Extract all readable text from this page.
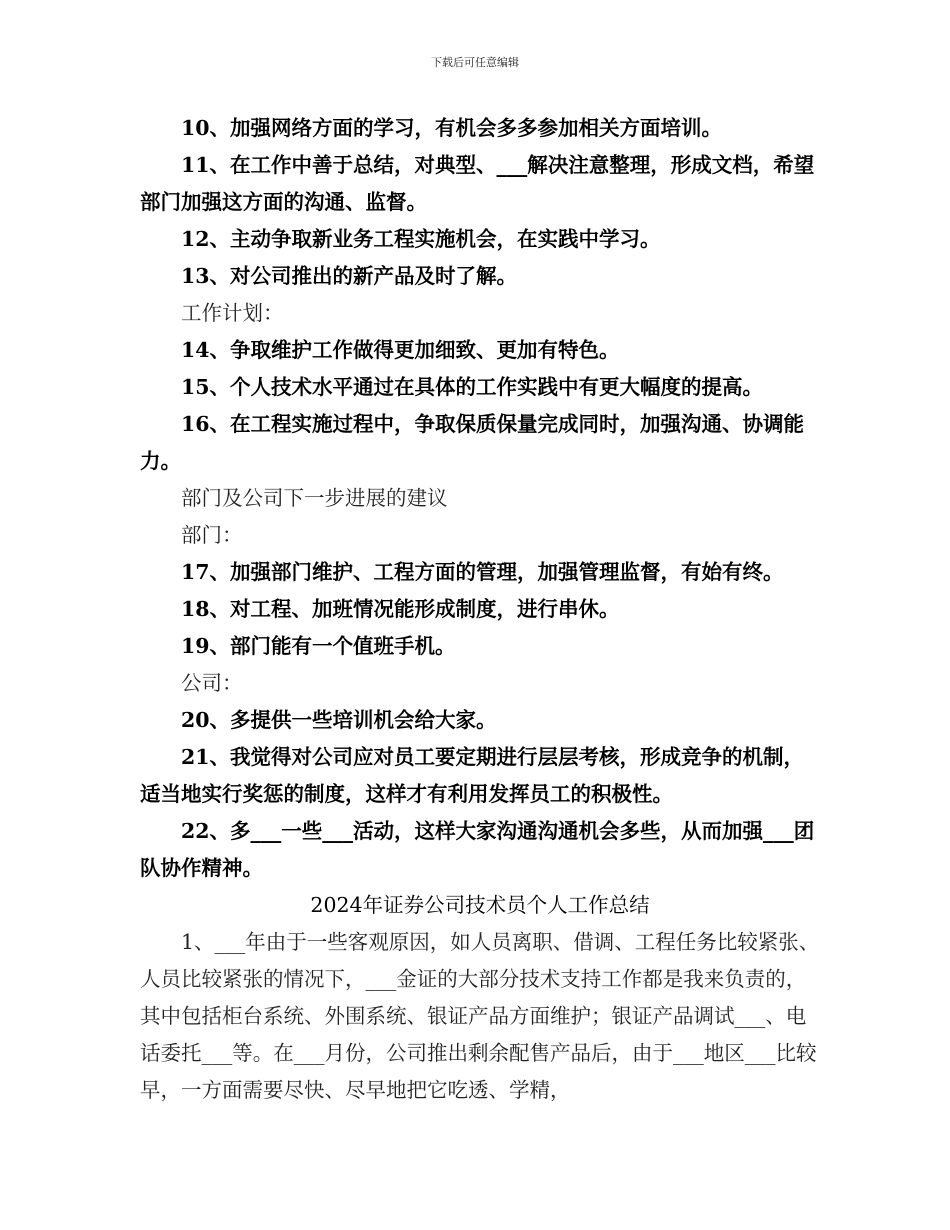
下载后可任意编辑

10、加强网络方面的学习，有机会多多参加相关方面培训。

11、在工作中善于总结，对典型、___解决注意整理，形成文档，希望部门加强这方面的沟通、监督。

12、主动争取新业务工程实施机会，在实践中学习。

13、对公司推出的新产品及时了解。

工作计划：

14、争取维护工作做得更加细致、更加有特色。

15、个人技术水平通过在具体的工作实践中有更大幅度的提高。

16、在工程实施过程中，争取保质保量完成同时，加强沟通、协调能力。

部门及公司下一步进展的建议

部门：

17、加强部门维护、工程方面的管理，加强管理监督，有始有终。

18、对工程、加班情况能形成制度，进行串休。

19、部门能有一个值班手机。

公司：

20、多提供一些培训机会给大家。

21、我觉得对公司应对员工要定期进行层层考核，形成竞争的机制，适当地实行奖惩的制度，这样才有利用发挥员工的积极性。

22、多___一些___活动，这样大家沟通沟通机会多些，从而加强___团队协作精神。

2024年证券公司技术员个人工作总结

1、___年由于一些客观原因，如人员离职、借调、工程任务比较紧张、人员比较紧张的情况下，___金证的大部分技术支持工作都是我来负责的，其中包括柜台系统、外围系统、银证产品方面维护；银证产品调试___、电话委托___等。在___月份，公司推出剩余配售产品后，由于___地区___比较早，一方面需要尽快、尽早地把它吃透、学精，
